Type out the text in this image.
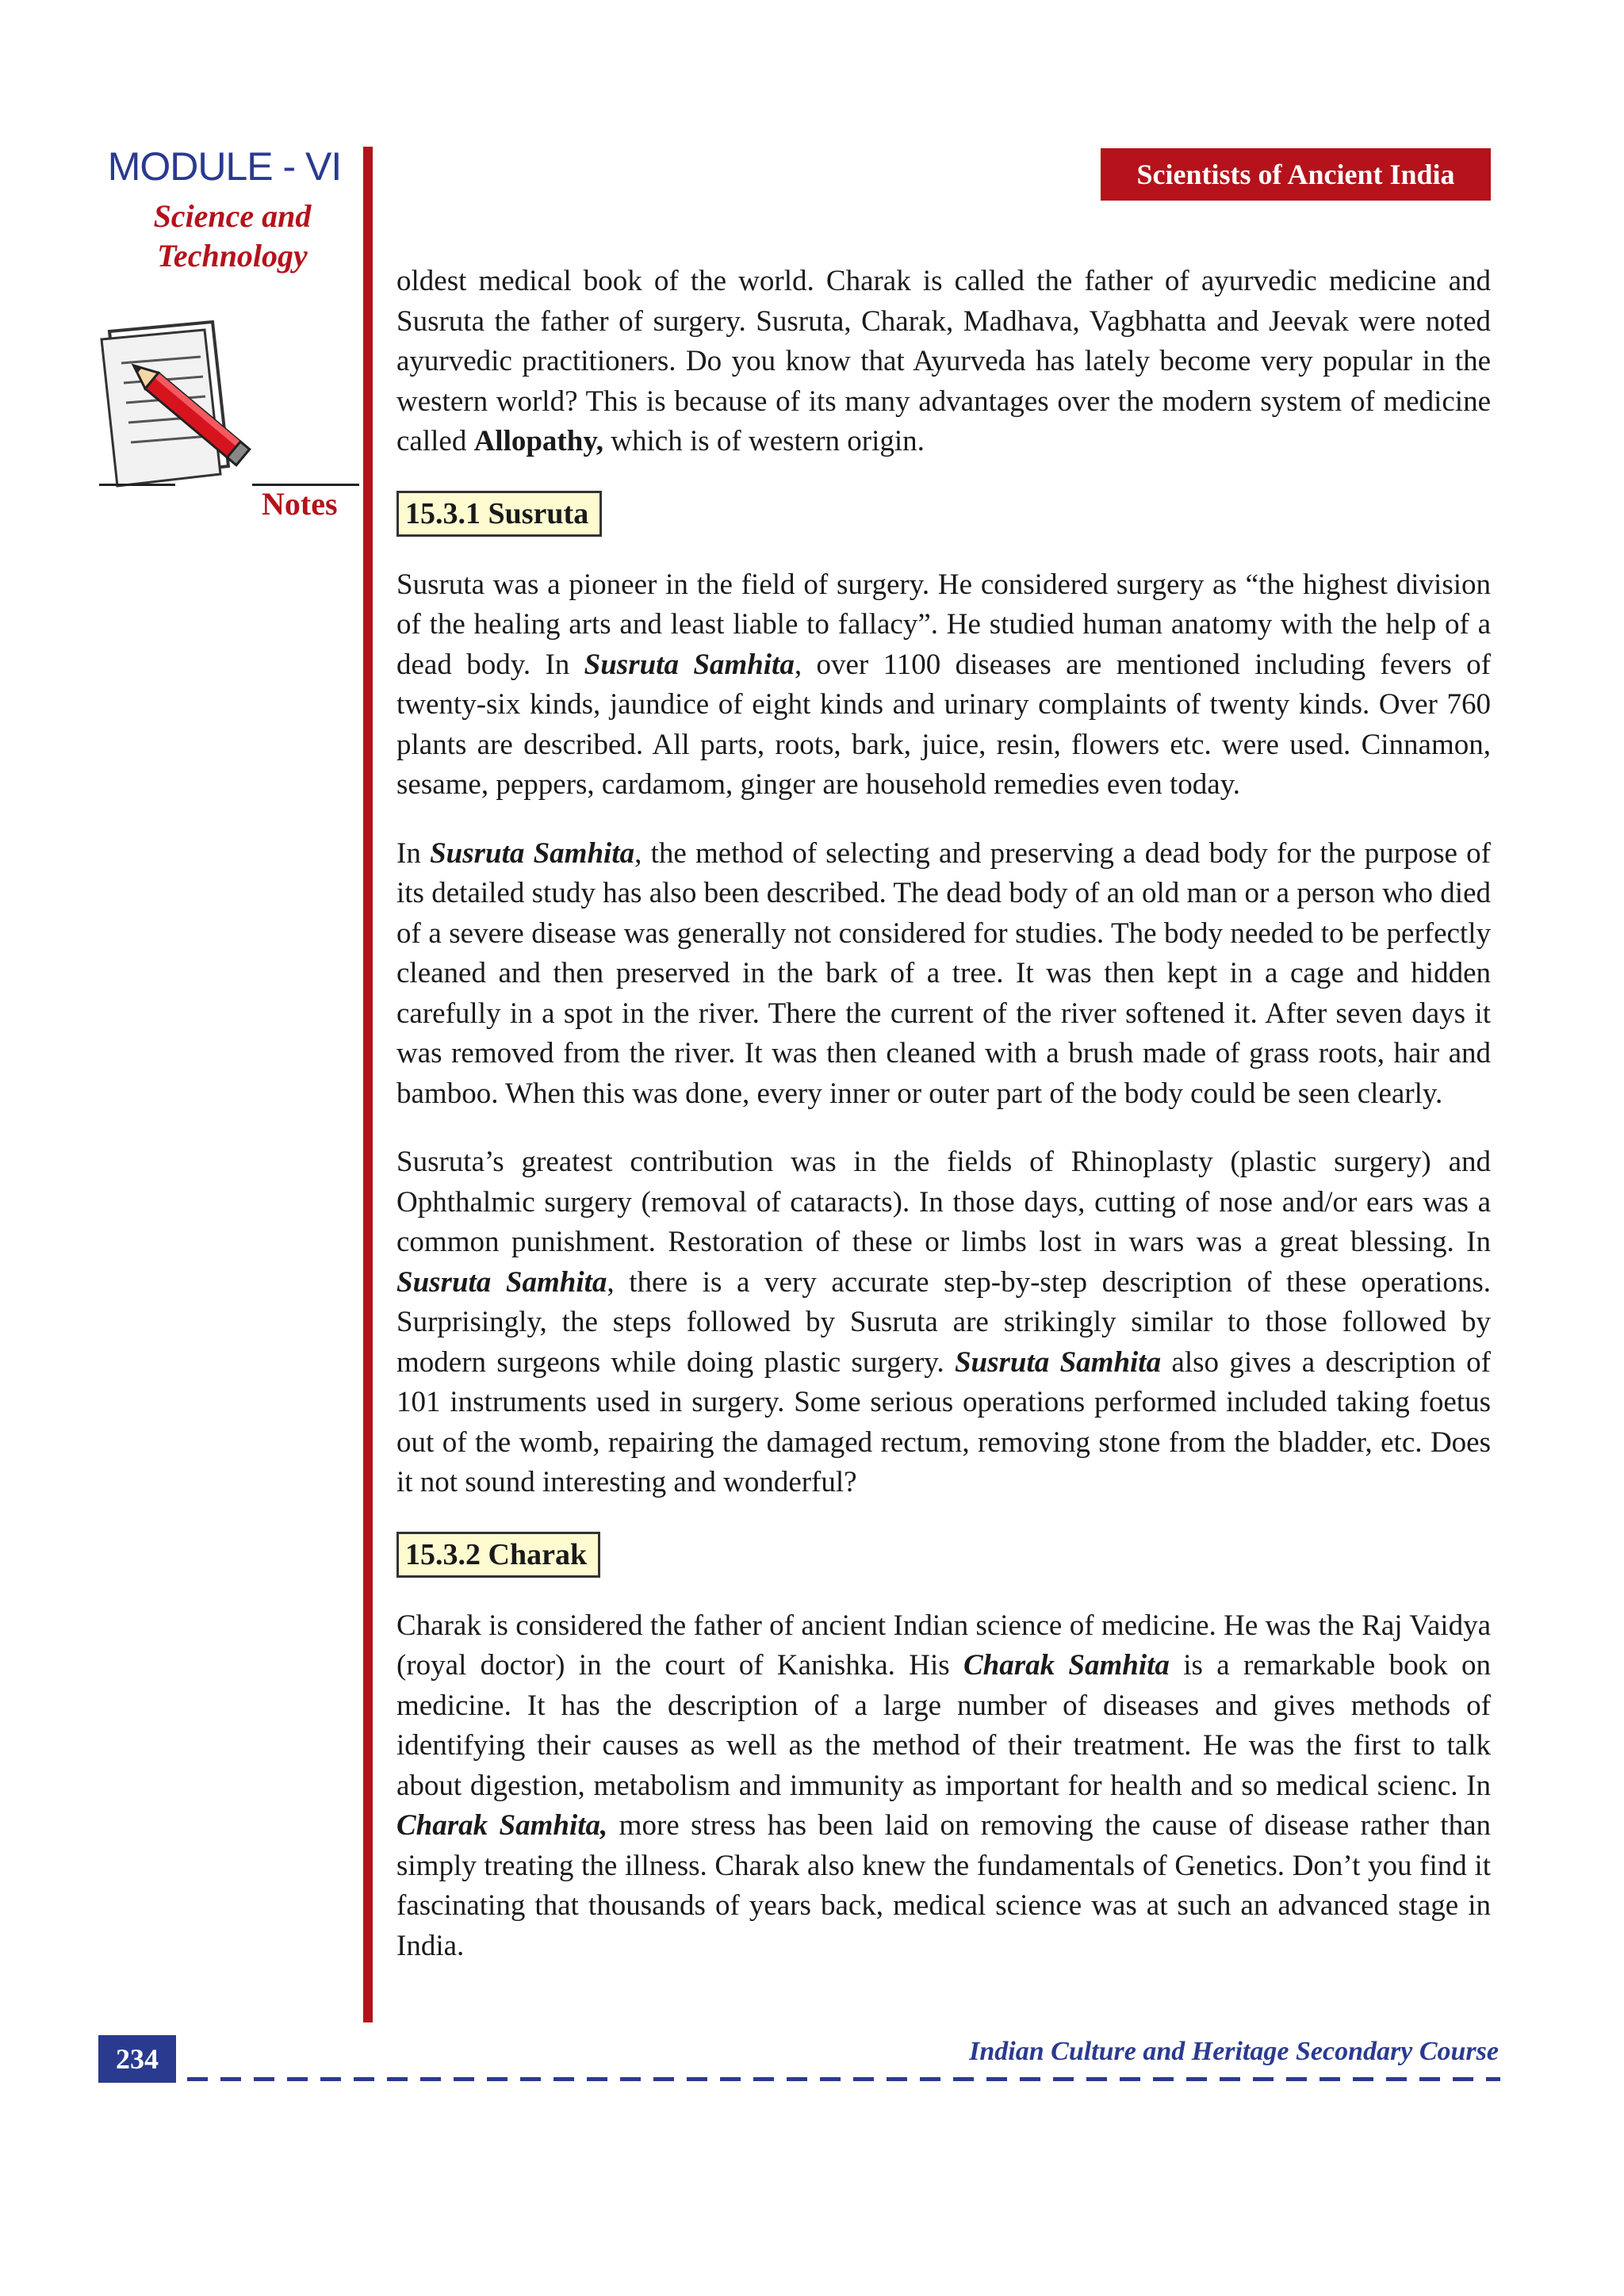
MODULE - VI
Science and
Technology
Notes
Scientists of Ancient India

oldest medical book of the world. Charak is called the father of ayurvedic medicine and Susruta the father of surgery. Susruta, Charak, Madhava, Vagbhatta and Jeevak were noted ayurvedic practitioners. Do you know that Ayurveda has lately become very popular in the western world? This is because of its many advantages over the modern system of medicine called Allopathy, which is of western origin.

15.3.1 Susruta

Susruta was a pioneer in the field of surgery. He considered surgery as “the highest division of the healing arts and least liable to fallacy”. He studied human anatomy with the help of a dead body. In Susruta Samhita, over 1100 diseases are mentioned including fevers of twenty-six kinds, jaundice of eight kinds and urinary complaints of twenty kinds. Over 760 plants are described. All parts, roots, bark, juice, resin, flowers etc. were used. Cinnamon, sesame, peppers, cardamom, ginger are household remedies even today.

In Susruta Samhita, the method of selecting and preserving a dead body for the purpose of its detailed study has also been described. The dead body of an old man or a person who died of a severe disease was generally not considered for studies. The body needed to be perfectly cleaned and then preserved in the bark of a tree. It was then kept in a cage and hidden carefully in a spot in the river. There the current of the river softened it. After seven days it was removed from the river. It was then cleaned with a brush made of grass roots, hair and bamboo. When this was done, every inner or outer part of the body could be seen clearly.

Susruta’s greatest contribution was in the fields of Rhinoplasty (plastic surgery) and Ophthalmic surgery (removal of cataracts). In those days, cutting of nose and/or ears was a common punishment. Restoration of these or limbs lost in wars was a great blessing. In Susruta Samhita, there is a very accurate step-by-step description of these operations. Surprisingly, the steps followed by Susruta are strikingly similar to those followed by modern surgeons while doing plastic surgery. Susruta Samhita also gives a description of 101 instruments used in surgery. Some serious operations performed included taking foetus out of the womb, repairing the damaged rectum, removing stone from the bladder, etc. Does it not sound interesting and wonderful?

15.3.2 Charak

Charak is considered the father of ancient Indian science of medicine. He was the Raj Vaidya (royal doctor) in the court of Kanishka. His Charak Samhita is a remarkable book on medicine. It has the description of a large number of diseases and gives methods of identifying their causes as well as the method of their treatment. He was the first to talk about digestion, metabolism and immunity as important for health and so medical scienc. In Charak Samhita, more stress has been laid on removing the cause of disease rather than simply treating the illness. Charak also knew the fundamentals of Genetics. Don’t you find it fascinating that thousands of years back, medical science was at such an advanced stage in India.

234	Indian Culture and Heritage Secondary Course
